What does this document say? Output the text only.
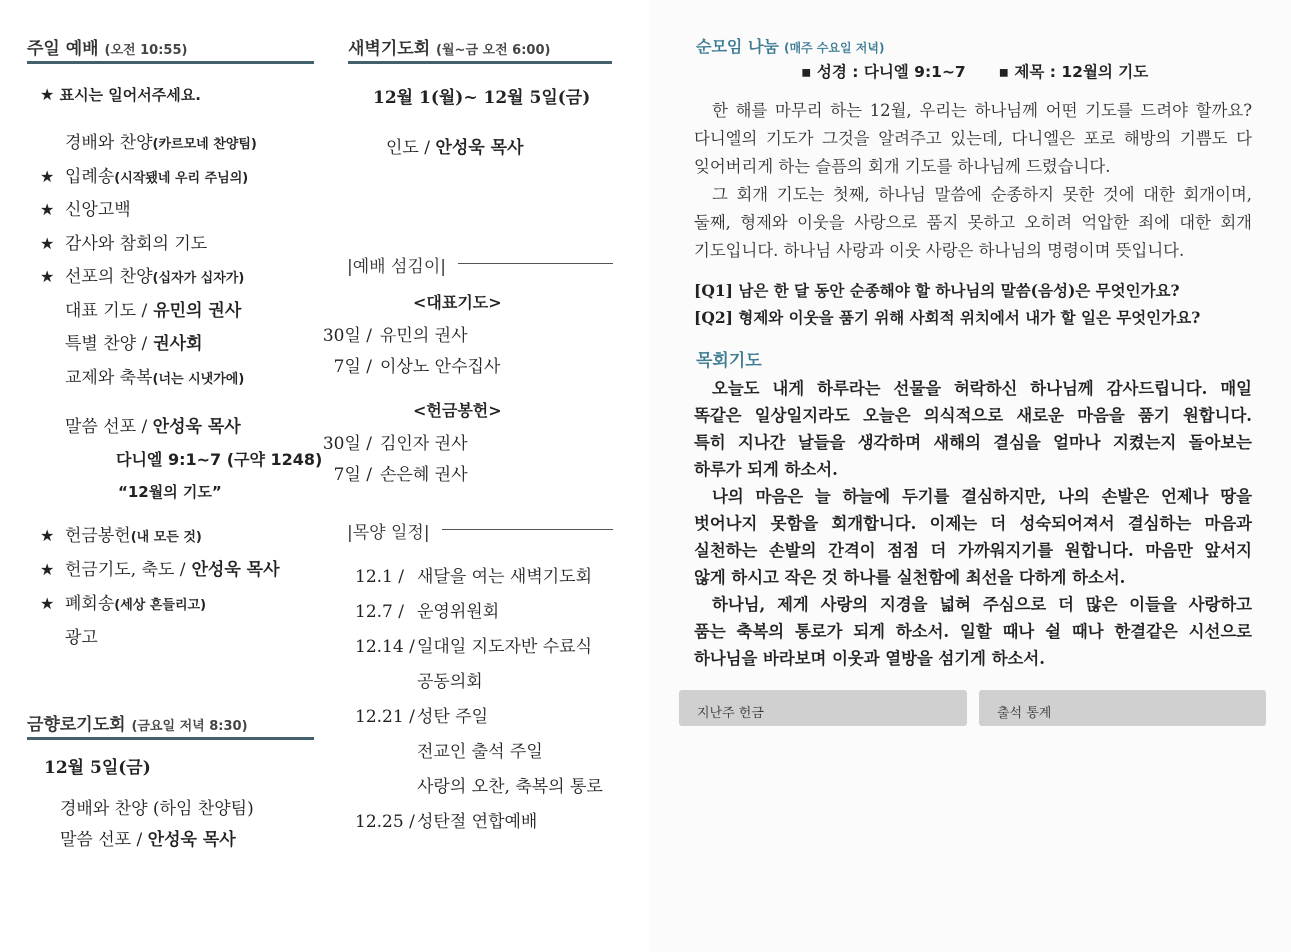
주일 예배 (오전 10:55)
★ 표시는 일어서주세요.
경배와 찬양(카르모네 찬양팀)
★ 입례송(시작됐네 우리 주님의)
★ 신앙고백
★ 감사와 참회의 기도
★ 선포의 찬양(십자가 십자가)
대표 기도 / 유민의 권사
특별 찬양 / 권사회
교제와 축복(너는 시냇가에)
말씀 선포 / 안성욱 목사
다니엘 9:1~7 (구약 1248)
“12월의 기도”
★ 헌금봉헌(내 모든 것)
★ 헌금기도, 축도 / 안성욱 목사
★ 폐회송(세상 흔들리고)
광고
금향로기도회 (금요일 저녁 8:30)
12월 5일(금)
경배와 찬양 (하임 찬양팀)
말씀 선포 / 안성욱 목사
새벽기도회 (월~금 오전 6:00)
12월 1(월)~ 12월 5일(금)
인도 / 안성욱 목사
|예배 섬김이|
<대표기도>
30일 / 유민의 권사
7일 / 이상노 안수집사
<헌금봉헌>
30일 / 김인자 권사
7일 / 손은혜 권사
|목양 일정|
12.1 / 새달을 여는 새벽기도회
12.7 / 운영위원회
12.14 / 일대일 지도자반 수료식
공동의회
12.21 / 성탄 주일
전교인 출석 주일
사랑의 오찬, 축복의 통로
12.25 / 성탄절 연합예배
순모임 나눔 (매주 수요일 저녁)
▪ 성경 : 다니엘 9:1~7 ▪ 제목 : 12월의 기도

한 해를 마무리 하는 12월, 우리는 하나님께 어떤 기도를 드려야 할까요?

다니엘의 기도가 그것을 알려주고 있는데, 다니엘은 포로 해방의 기쁨도 다

잊어버리게 하는 슬픔의 회개 기도를 하나님께 드렸습니다.

그 회개 기도는 첫째, 하나님 말씀에 순종하지 못한 것에 대한 회개이며,

둘째, 형제와 이웃을 사랑으로 품지 못하고 오히려 억압한 죄에 대한 회개

기도입니다. 하나님 사랑과 이웃 사랑은 하나님의 명령이며 뜻입니다.

[Q1] 남은 한 달 동안 순종해야 할 하나님의 말씀(음성)은 무엇인가요?
[Q2] 형제와 이웃을 품기 위해 사회적 위치에서 내가 할 일은 무엇인가요?
목회기도

오늘도 내게 하루라는 선물을 허락하신 하나님께 감사드립니다. 매일

똑같은 일상일지라도 오늘은 의식적으로 새로운 마음을 품기 원합니다.

특히 지나간 날들을 생각하며 새해의 결심을 얼마나 지켰는지 돌아보는

하루가 되게 하소서.

나의 마음은 늘 하늘에 두기를 결심하지만, 나의 손발은 언제나 땅을

벗어나지 못함을 회개합니다. 이제는 더 성숙되어져서 결심하는 마음과

실천하는 손발의 간격이 점점 더 가까워지기를 원합니다. 마음만 앞서지

않게 하시고 작은 것 하나를 실천함에 최선을 다하게 하소서.

하나님, 제게 사랑의 지경을 넓혀 주심으로 더 많은 이들을 사랑하고

품는 축복의 통로가 되게 하소서. 일할 때나 쉴 때나 한결같은 시선으로

하나님을 바라보며 이웃과 열방을 섬기게 하소서.

지난주 헌금	출석 통계
